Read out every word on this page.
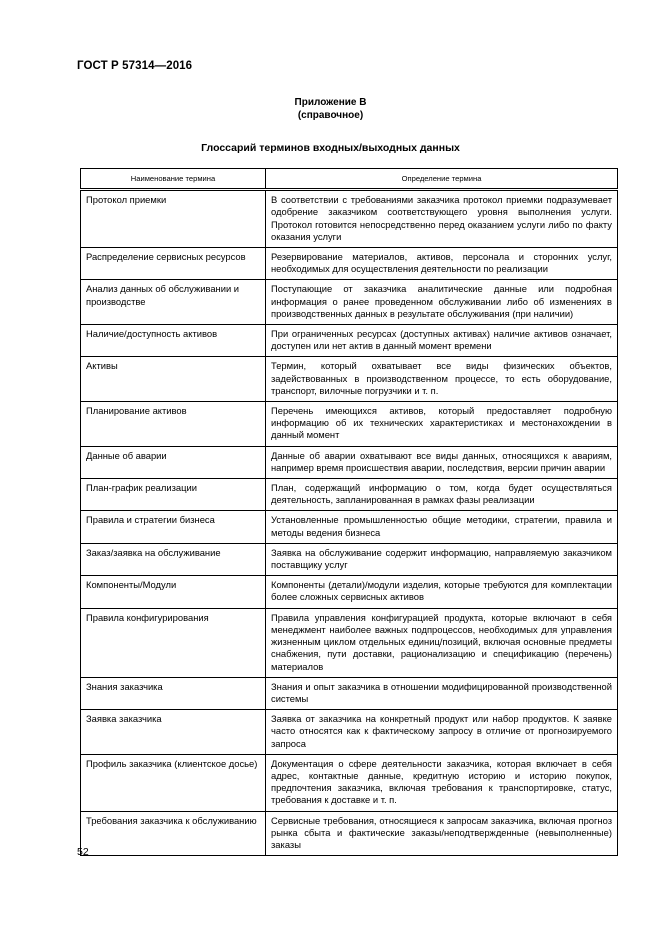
ГОСТ Р 57314—2016
Приложение В
(справочное)
Глоссарий терминов входных/выходных данных
Наименование термина	Определение термина
Протокол приемки	В соответствии с требованиями заказчика протокол приемки подразумевает одобрение заказчиком соответствующего уровня выполнения услуги. Протокол готовится непосредственно перед оказанием услуги либо по факту оказания услуги
Распределение сервисных ресурсов	Резервирование материалов, активов, персонала и сторонних услуг, необходимых для осуществления деятельности по реализации
Анализ данных об обслуживании и производстве	Поступающие от заказчика аналитические данные или подробная информация о ранее проведенном обслуживании либо об изменениях в производственных данных в результате обслуживания (при наличии)
Наличие/доступность активов	При ограниченных ресурсах (доступных активах) наличие активов означает, доступен или нет актив в данный момент времени
Активы	Термин, который охватывает все виды физических объектов, задействованных в производственном процессе, то есть оборудование, транспорт, вилочные погрузчики и т. п.
Планирование активов	Перечень имеющихся активов, который предоставляет подробную информацию об их технических характеристиках и местонахождении в данный момент
Данные об аварии	Данные об аварии охватывают все виды данных, относящихся к авариям, например время происшествия аварии, последствия, версии причин аварии
План-график реализации	План, содержащий информацию о том, когда будет осуществляться деятельность, запланированная в рамках фазы реализации
Правила и стратегии бизнеса	Установленные промышленностью общие методики, стратегии, правила и методы ведения бизнеса
Заказ/заявка на обслуживание	Заявка на обслуживание содержит информацию, направляемую заказчиком поставщику услуг
Компоненты/Модули	Компоненты (детали)/модули изделия, которые требуются для комплектации более сложных сервисных активов
Правила конфигурирования	Правила управления конфигурацией продукта, которые включают в себя менеджмент наиболее важных подпроцессов, необходимых для управления жизненным циклом отдельных единиц/позиций, включая основные предметы снабжения, пути доставки, рационализацию и спецификацию (перечень) материалов
Знания заказчика	Знания и опыт заказчика в отношении модифицированной производственной системы
Заявка заказчика	Заявка от заказчика на конкретный продукт или набор продуктов. К заявке часто относятся как к фактическому запросу в отличие от прогнозируемого запроса
Профиль заказчика (клиентское досье)	Документация о сфере деятельности заказчика, которая включает в себя адрес, контактные данные, кредитную историю и историю покупок, предпочтения заказчика, включая требования к транспортировке, статус, требования к доставке и т. п.
Требования заказчика к обслуживанию	Сервисные требования, относящиеся к запросам заказчика, включая прогноз рынка сбыта и фактические заказы/неподтвержденные (невыполненные) заказы
52
